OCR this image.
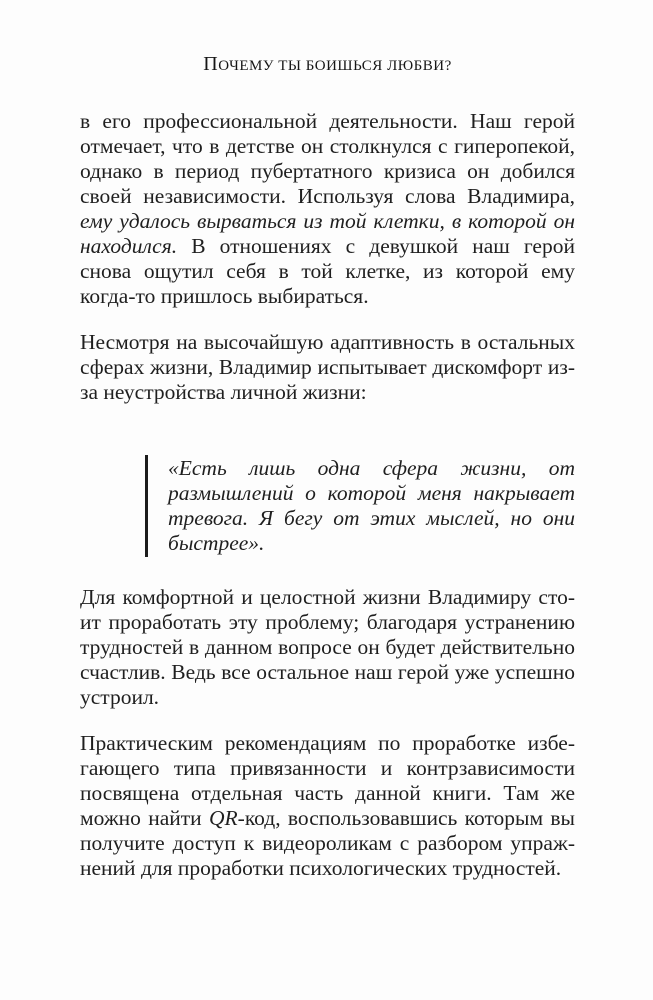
ПОЧЕМУ ТЫ БОИШЬСЯ ЛЮБВИ?

в его профессиональной деятельности. Наш герой отмечает, что в детстве он столкнулся с гиперопекой, однако в период пубертатного кризиса он добился своей независимости. Используя слова Владимира, ему удалось вырваться из той клетки, в которой он находился. В отношениях с девушкой наш герой снова ощутил себя в той клетке, из которой ему когда-то пришлось выбираться.

Несмотря на высочайшую адаптивность в остальных сферах жизни, Владимир испытывает дискомфорт из-за неустройства личной жизни:

«Есть лишь одна сфера жизни, от размышлений о которой меня накрывает тревога. Я бегу от этих мыслей, но они быстрее».

Для комфортной и целостной жизни Владимиру стоит проработать эту проблему; благодаря устранению трудностей в данном вопросе он будет действительно счастлив. Ведь все остальное наш герой уже успешно устроил.

Практическим рекомендациям по проработке избегающего типа привязанности и контрзависимости посвящена отдельная часть данной книги. Там же можно найти QR-код, воспользовавшись которым вы получите доступ к видеороликам с разбором упражнений для проработки психологических трудностей.
